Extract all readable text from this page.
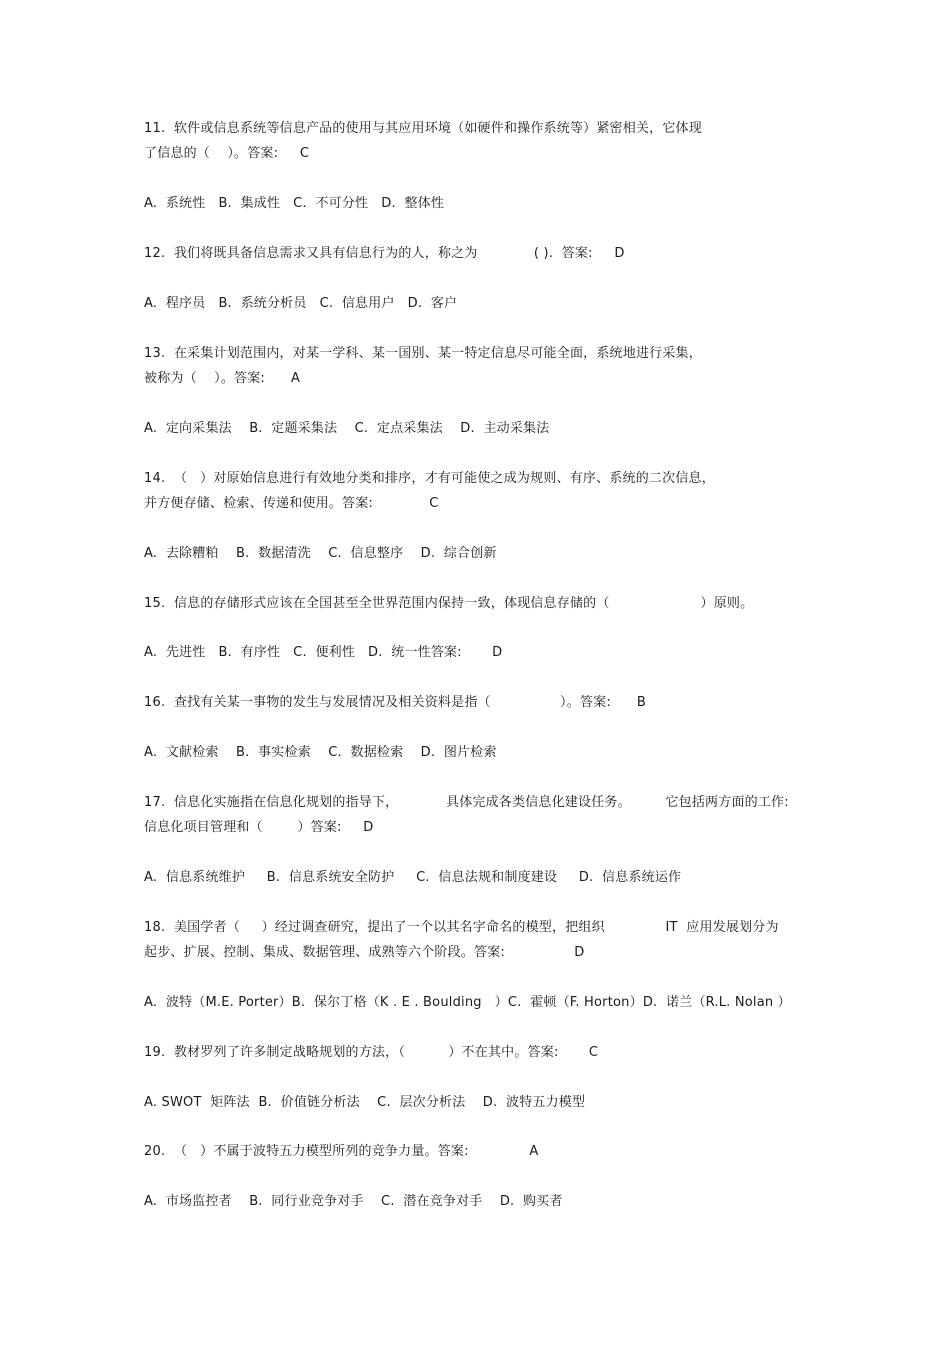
11.  软件或信息系统等信息产品的使用与其应用环境（如硬件和操作系统等）紧密相关，它体现
了信息的（    ）。答案:     C
A.  系统性   B.  集成性   C.  不可分性   D.  整体性
12.  我们将既具备信息需求又具有信息行为的人，称之为             ( ).  答案:     D
A.  程序员   B.  系统分析员   C.  信息用户   D.  客户
13.  在采集计划范围内，对某一学科、某一国别、某一特定信息尽可能全面，系统地进行采集，
被称为（    ）。答案:      A
A.  定向采集法    B.  定题采集法    C.  定点采集法    D.  主动采集法
14.  （   ）对原始信息进行有效地分类和排序，才有可能使之成为规则、有序、系统的二次信息，
并方便存储、检索、传递和使用。答案:             C
A.  去除糟粕    B.  数据清洗    C.  信息整序    D.  综合创新
15.  信息的存储形式应该在全国甚至全世界范围内保持一致，体现信息存储的（                     ）原则。
A.  先进性   B.  有序性   C.  便利性   D.  统一性答案:       D
16.  查找有关某一事物的发生与发展情况及相关资料是指（                ）。答案:      B
A.  文献检索    B.  事实检索    C.  数据检索    D.  图片检索
17.  信息化实施指在信息化规划的指导下，           具体完成各类信息化建设任务。        它包括两方面的工作:
信息化项目管理和（        ）答案:     D
A.  信息系统维护     B.  信息系统安全防护     C.  信息法规和制度建设     D.  信息系统运作
18.  美国学者（     ）经过调查研究，提出了一个以其名字命名的模型，把组织              IT  应用发展划分为
起步、扩展、控制、集成、数据管理、成熟等六个阶段。答案:                D
A.  波特（M.E. Porter）B.  保尔丁格（K . E . Boulding   ）C.  霍顿（F. Horton）D.  诺兰（R.L. Nolan ）
19.  教材罗列了许多制定战略规划的方法，（          ）不在其中。答案:       C
A. SWOT  矩阵法  B.  价值链分析法    C.  层次分析法    D.  波特五力模型
20.  （   ）不属于波特五力模型所列的竞争力量。答案:              A
A.  市场监控者    B.  同行业竞争对手    C.  潜在竞争对手    D.  购买者
